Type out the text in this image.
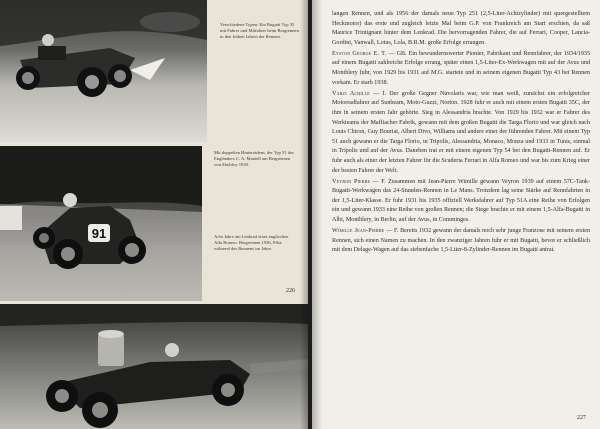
91
Verschiedene Typen: Ein Bugatti Typ 35 mit Fahrer und Mitfahrer beim Bergrennen in den frühen Jahren der Rennen.
Mit doppelten Hinterrädern, der Typ 51 des Engländers C. A. Mantell am Bergrennen von Shelsley 1939.
Acht Jahre am Lenkrad eines englischen Alfa Romeo: Bergrennen 1936, Pilot während des Rennens im Jahre.
226

langen Rennen, und als 1956 der damals neue Typ 251 (2,5-Liter-Achtzylinder) mit quergestelltem Heckmotor) das erste und zugleich letzte Mal beim G.P. von Frankreich am Start erschien, da saß Maurice Trintignant hinter dem Lenkrad. Die hervorragenden Fahrer, die auf Ferrari, Cooper, Lancia-Gordini, Vanwall, Lotus, Lola, B.R.M. große Erfolge errangen.

Eyston George E. T. — GB. Ein bewundernswerter Pionier, Fabrikant und Rennfahrer, der 1934/1935 auf einem Bugatti zahlreiche Erfolge errang, später einen 1,5-Liter-Ex-Werkwagen mit auf der Avus und Monthlery fuhr, von 1929 bis 1931 auf M.G. startete und in seinem eigenen Bugatti Typ 43 bei Rennen vorkam. Er starb 1938.

Varzi Achille — I. Der große Gegner Nuvolaris war, wie man weiß, zunächst ein erfolgreicher Motorradfahrer auf Sunbeam, Moto-Guzzi, Norton. 1928 fuhr er auch mit einem ersten Bugatti 35C, der ihm in seinem ersten Jahr gehörte. Sieg in Alessandria brachte. Von 1929 bis 1932 war er Fahrer des Werkteams der Maffiacher Fabrik, gewann mit dem großen Bugatti die Targa Florio und war gleich nach Louis Chiron, Guy Bouriat, Albert Divo, Williams und andere einer der führenden Fahrer. Mit einem Typ 51 auch gewann er die Targa Florio, in Tripolis, Alessandria, Monaco, Monza und 1933 in Tunis, einmal in Tripolis und auf der Avus. Daneben trat er mit einem eigenen Typ 54 bei den Bugatti-Rennen auf. Er fuhr auch als einer der letzten Fahrer für die Scuderia Ferrari in Alfa Romeo und war bis zum Krieg einer der besten Fahrer der Welt.

Veyron Pierre — F. Zusammen mit Jean-Pierre Wimille gewann Veyron 1939 auf einem 57C-Tank-Bugatti-Werkwagen das 24-Stunden-Rennen in Le Mans. Trotzdem lag seine Stärke auf Rennfahrten in der 1,5-Liter-Klasse. Er fuhr 1931 bis 1935 offiziell Werksfahrer auf Typ 51A eine Reihe von Erfolgen ein und gewann 1933 eine Reihe von großen Rennen; die Siege brachte er mit einem 1,5-Alfa-Bugatti in Albi, Monthlery, in Berlin, auf der Avus, in Comminges.

Wimille Jean-Pierre — F. Bereits 1932 gewann der damals noch sehr junge Franzose mit seinem ersten Rennen, sich einen Namen zu machen. In den zwanziger Jahren fuhr er mit Bugatti, bevor er schließlich mit dem Delage-Wagen auf das siebenfache 1,5-Liter-8-Zylinder-Rennen im Bugatti antrat.

227
